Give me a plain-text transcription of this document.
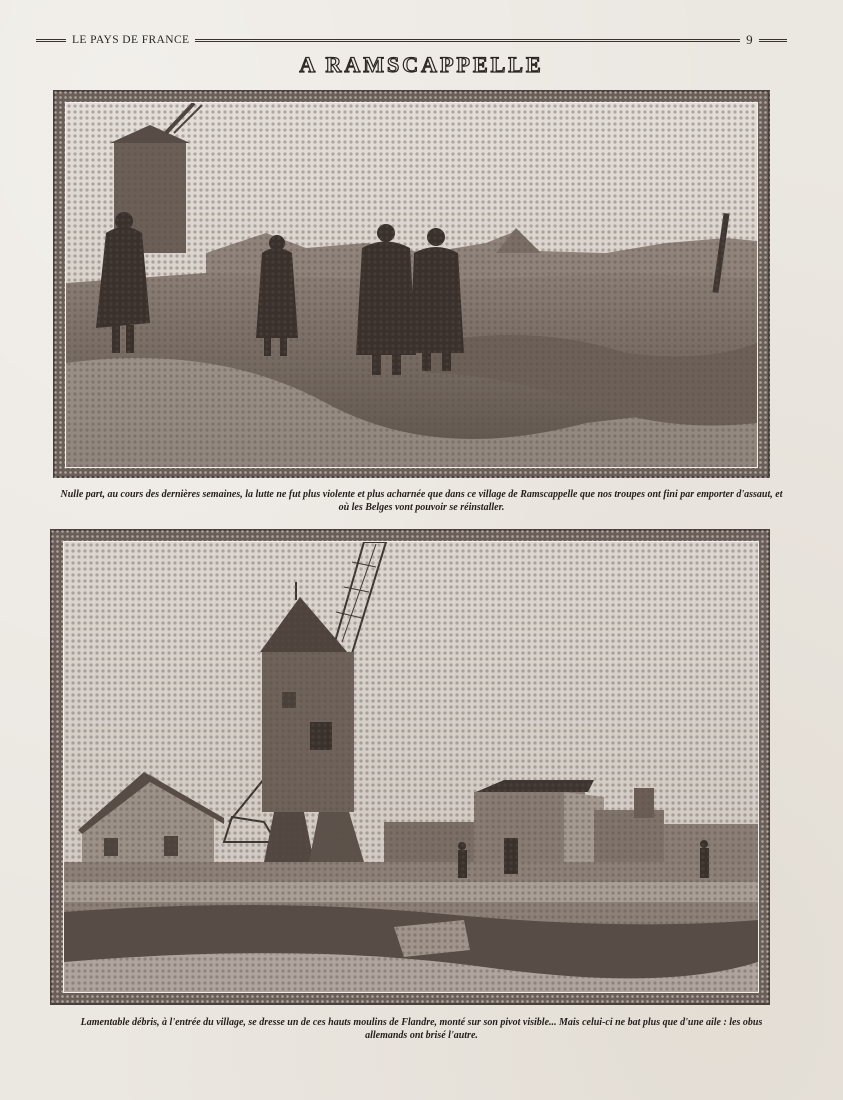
LE PAYS DE FRANCE	9
A RAMSCAPPELLE
Nulle part, au cours des dernières semaines, la lutte ne fut plus violente et plus acharnée que dans ce village de Ramscappelle que nos troupes ont fini par emporter d'assaut, et où les Belges vont pouvoir se réinstaller.
Lamentable débris, à l'entrée du village, se dresse un de ces hauts moulins de Flandre, monté sur son pivot visible... Mais celui-ci ne bat plus que d'une aile : les obus allemands ont brisé l'autre.
